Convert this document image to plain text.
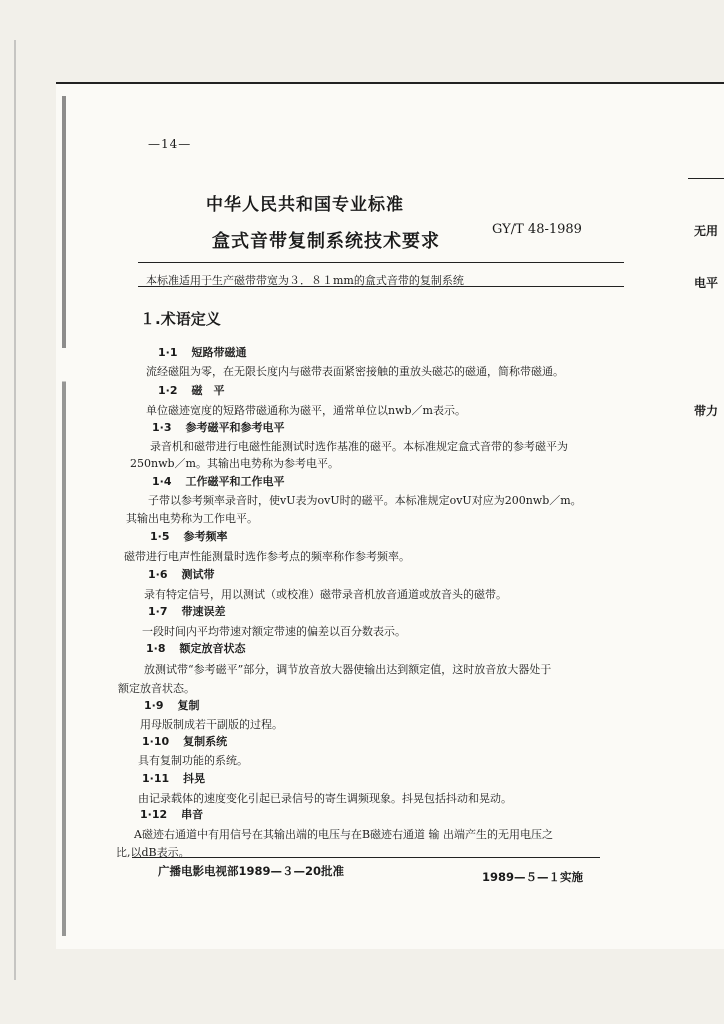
—14—
无用
电平
带力
中华人民共和国专业标准
盒式音带复制系统技术要求
GY/T 48-1989
本标准适用于生产磁带带宽为３．８１mm的盒式音带的复制系统
１.术语定义
1·1 短路带磁通
流经磁阻为零，在无限长度内与磁带表面紧密接触的重放头磁芯的磁通，简称带磁通。
1·2 磁　平
单位磁迹宽度的短路带磁通称为磁平，通常单位以nwb／m表示。
1·3 参考磁平和参考电平
录音机和磁带进行电磁性能测试时选作基准的磁平。本标准规定盒式音带的参考磁平为
250nwb／m。其输出电势称为参考电平。
1·4 工作磁平和工作电平
子带以参考频率录音时，使vU表为ovU时的磁平。本标准规定ovU对应为200nwb／m。
其输出电势称为工作电平。
1·5 参考频率
磁带进行电声性能测量时选作参考点的频率称作参考频率。
1·6 测试带
录有特定信号，用以测试（或校准）磁带录音机放音通道或放音头的磁带。
1·7 带速误差
一段时间内平均带速对额定带速的偏差以百分数表示。
1·8 额定放音状态
放测试带“参考磁平”部分，调节放音放大器使输出达到额定值，这时放音放大器处于
额定放音状态。
1·9 复制
用母版制成若干副版的过程。
1·10 复制系统
具有复制功能的系统。
1·11 抖晃
由记录载体的速度变化引起已录信号的寄生调频现象。抖晃包括抖动和晃动。
1·12 串音
A磁迹右通道中有用信号在其输出端的电压与在B磁迹右通道 输 出端产生的无用电压之
比,以dB表示。
广播电影电视部1989—３—20批准	1989—５—１实施
